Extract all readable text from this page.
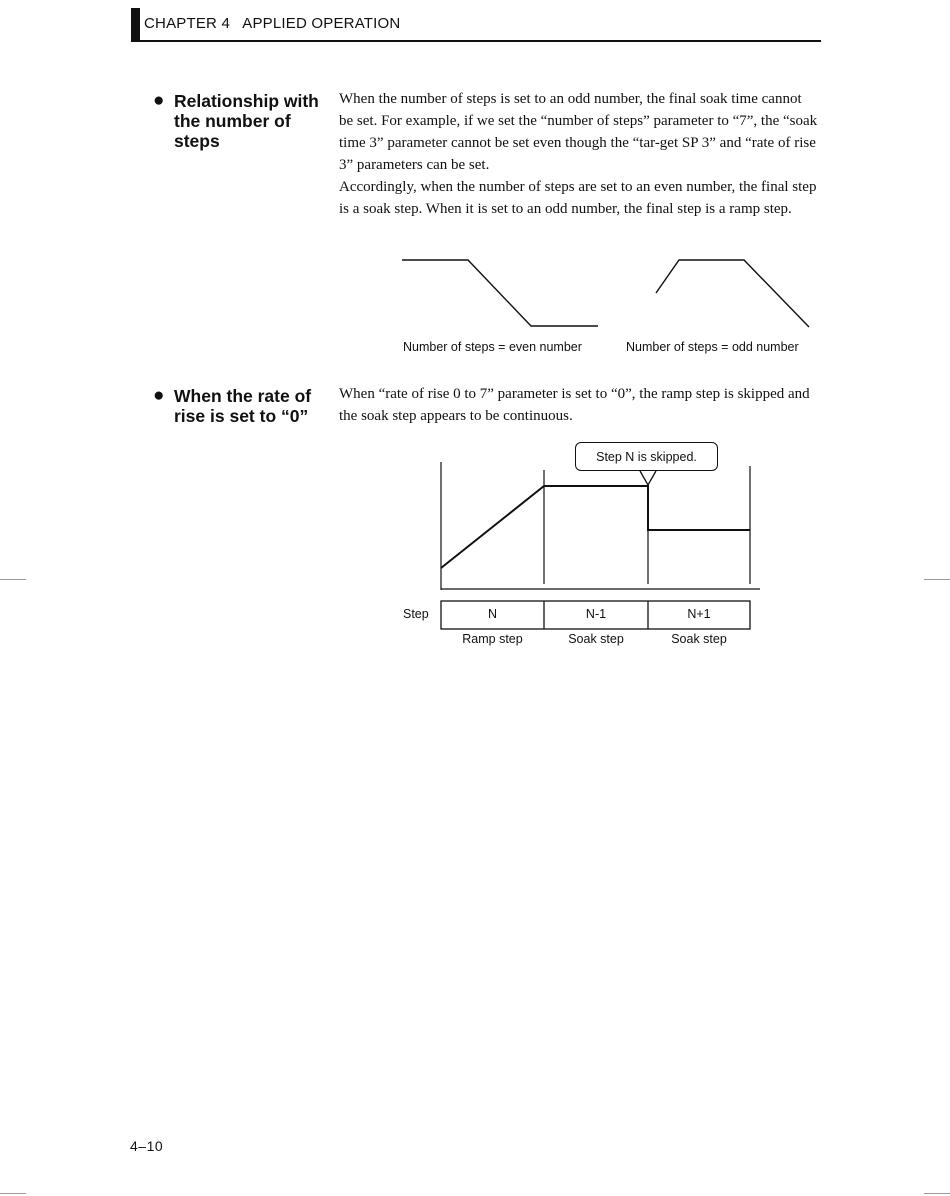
CHAPTER 4   APPLIED OPERATION
● Relationship with
the number of
steps

When the number of steps is set to an odd number, the final soak time cannot be set. For example, if we set the “number of steps” parameter to “7”, the “soak time 3” parameter cannot be set even though the “tar-get SP 3” and “rate of rise 3” parameters can be set.

Accordingly, when the number of steps are set to an even number, the final step is a soak step. When it is set to an odd number, the final step is a ramp step.

Number of steps = even number	Number of steps = odd number
● When the rate of
rise is set to “0”

When “rate of rise 0 to 7” parameter is set to “0”, the ramp step is skipped and the soak step appears to be continuous.

Step N is skipped.
Step	N	N-1	N+1
Ramp step	Soak step	Soak step
4–10
